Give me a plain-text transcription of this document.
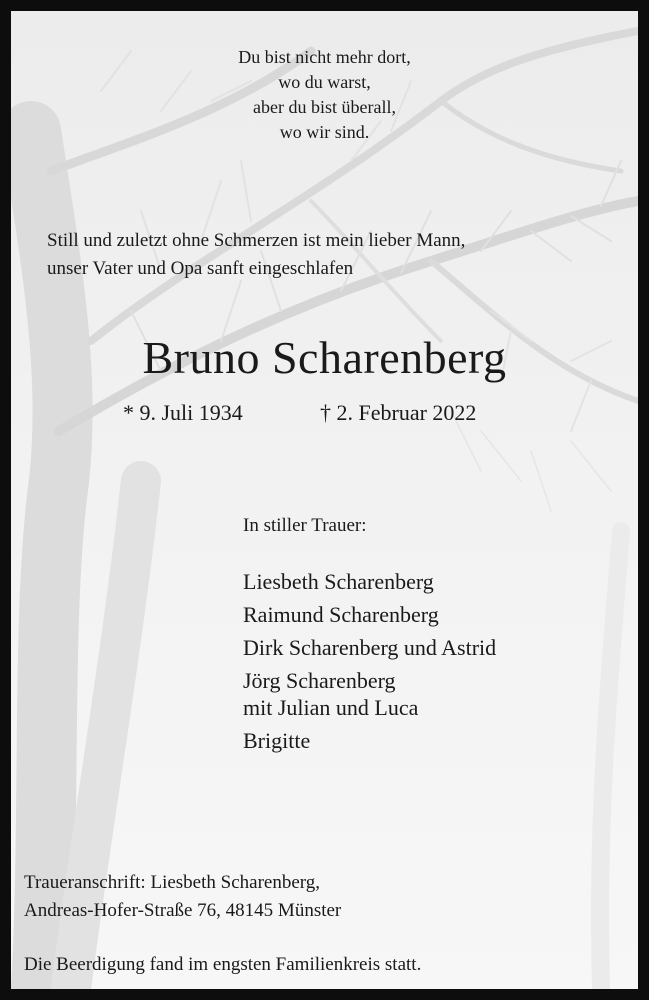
Du bist nicht mehr dort,
wo du warst,
aber du bist überall,
wo wir sind.
Still und zuletzt ohne Schmerzen ist mein lieber Mann,
unser Vater und Opa sanft eingeschlafen
Bruno Scharenberg
* 9. Juli 1934	† 2. Februar 2022
In stiller Trauer:
Liesbeth Scharenberg
Raimund Scharenberg
Dirk Scharenberg und Astrid
Jörg Scharenberg
mit Julian und Luca
Brigitte
Traueranschrift: Liesbeth Scharenberg,
Andreas-Hofer-Straße 76, 48145 Münster
Die Beerdigung fand im engsten Familienkreis statt.
